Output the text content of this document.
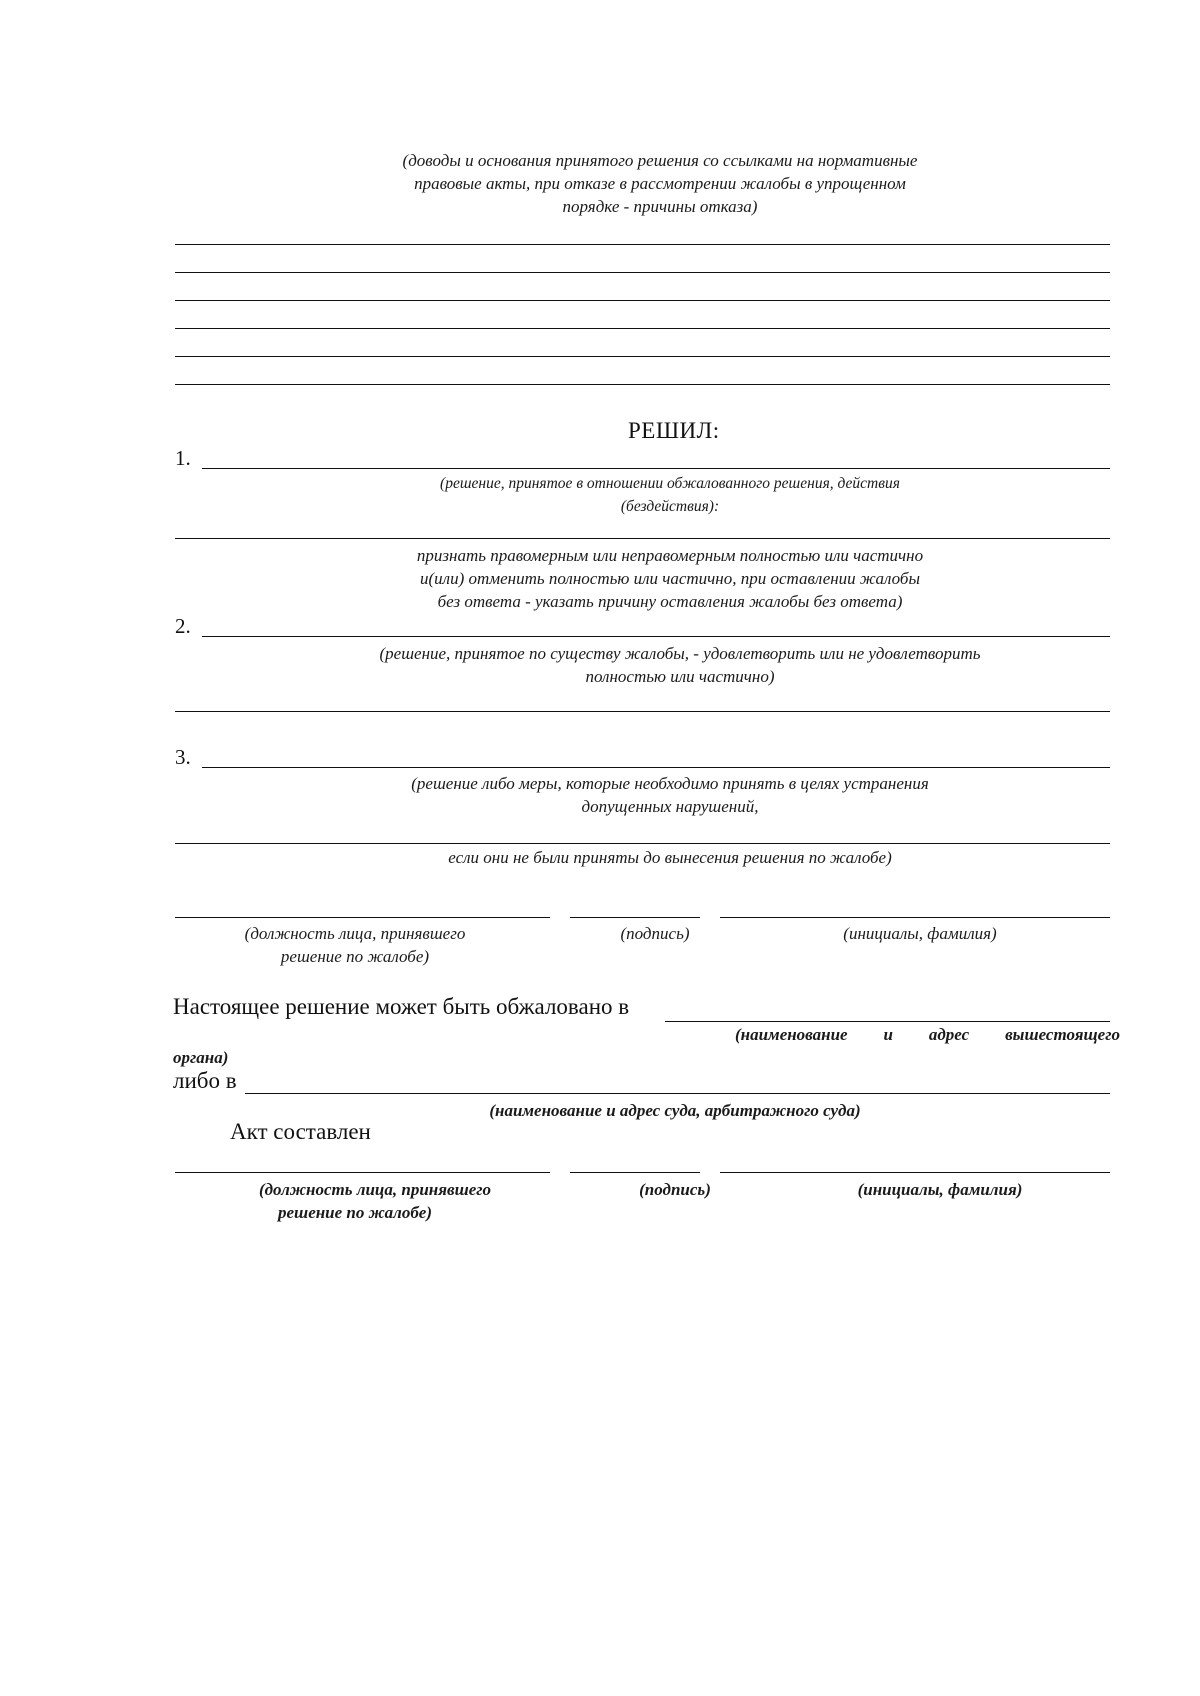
(доводы и основания принятого решения со ссылками на нормативные
правовые акты, при отказе в рассмотрении жалобы в упрощенном
порядке - причины отказа)
РЕШИЛ:
1.
(решение, принятое в отношении обжалованного решения, действия
(бездействия):
признать правомерным или неправомерным полностью или частично
и(или) отменить полностью или частично, при оставлении жалобы
без ответа - указать причину оставления жалобы без ответа)
2.
(решение, принятое по существу жалобы, - удовлетворить или не удовлетворить
полностью или частично)
3.
(решение либо меры, которые необходимо принять в целях устранения
допущенных нарушений,
если они не были приняты до вынесения решения по жалобе)
(должность лица, принявшего
решение по жалобе)
(подпись)	(инициалы, фамилия)
Настоящее решение может быть обжаловано в
(наименование и адрес вышестоящего
органа)
либо в
(наименование и адрес суда, арбитражного суда)
Акт составлен
(должность лица, принявшего
решение по жалобе)
(подпись)	(инициалы, фамилия)
